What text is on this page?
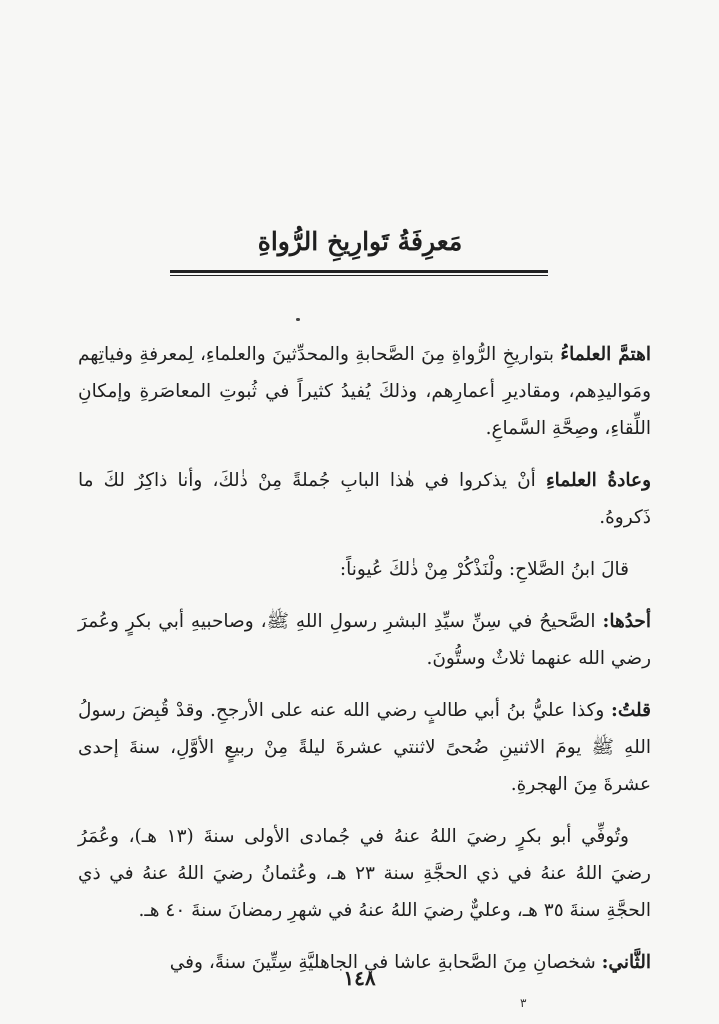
مَعرِفَةُ تَوارِيخِ الرُّواةِ

اهتمَّ العلماءُ بتواريخِ الرُّواةِ مِنَ الصَّحابةِ والمحدِّثينَ والعلماءِ، لِمعرفةِ وفياتِهم ومَواليدِهم، ومقاديرِ أعمارِهم، وذلكَ يُفيدُ كثيراً في ثُبوتِ المعاصَرةِ وإمكانِ اللِّقاءِ، وصِحَّةِ السَّماعِ.

وعادةُ العلماءِ أنْ يذكروا في هٰذا البابِ جُملةً مِنْ ذٰلكَ، وأنا ذاكِرٌ لكَ ما ذَكروهُ.

قالَ ابنُ الصَّلاحِ: ولْنَذْكُرْ مِنْ ذٰلكَ عُيوناً:

أحدُها: الصَّحيحُ في سِنِّ سيِّدِ البشرِ رسولِ اللهِ ﷺ، وصاحبيهِ أبي بكرٍ وعُمرَ رضي الله عنهما ثلاثٌ وستُّونَ.

قلتُ: وكذا عليُّ بنُ أبي طالبٍ رضي الله عنه على الأرجحِ. وقدْ قُبِضَ رسولُ اللهِ ﷺ يومَ الاثنينِ ضُحىً لاثنتي عشرةَ ليلةً مِنْ ربيعٍ الأوَّلِ، سنةَ إحدى عشرةَ مِنَ الهجرةِ.

وتُوفِّي أبو بكرٍ رضيَ اللهُ عنهُ في جُمادى الأولى سنةَ (١٣ هـ)، وعُمَرُ رضيَ اللهُ عنهُ في ذي الحجَّةِ سنة ٢٣ هـ، وعُثمانُ رضيَ اللهُ عنهُ في ذي الحجَّةِ سنةَ ٣٥ هـ، وعليٌّ رضيَ اللهُ عنهُ في شهرِ رمضانَ سنةَ ٤٠ هـ.

الثَّاني: شخصانِ مِنَ الصَّحابةِ عاشا في الجاهليَّةِ سِتِّينَ سنةً، وفي

١٤٨
٣
